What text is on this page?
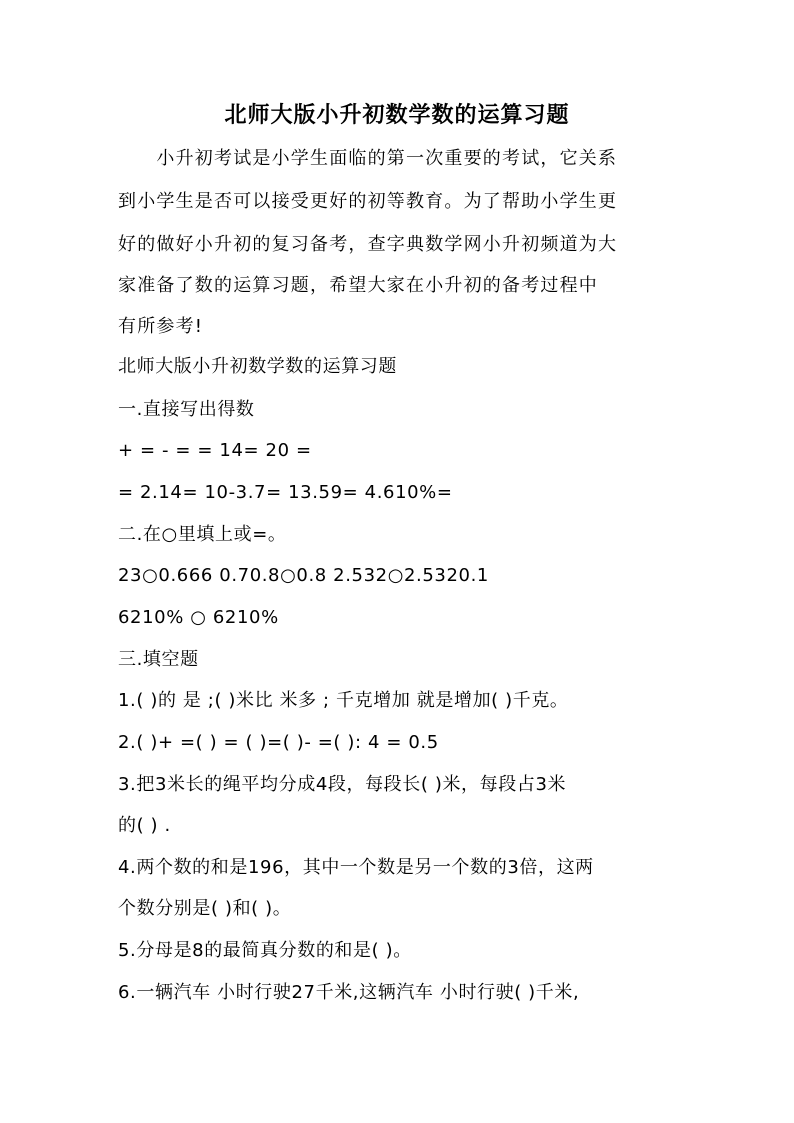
北师大版小升初数学数的运算习题
　　小升初考试是小学生面临的第一次重要的考试，它关系
到小学生是否可以接受更好的初等教育。为了帮助小学生更
好的做好小升初的复习备考，查字典数学网小升初频道为大
家准备了数的运算习题，希望大家在小升初的备考过程中
有所参考!
北师大版小升初数学数的运算习题
一.直接写出得数
+ = - = = 14= 20 =
= 2.14= 10-3.7= 13.59= 4.610%=
二.在○里填上或=。
23○0.666 0.70.8○0.8 2.532○2.5320.1
6210% ○ 6210%
三.填空题
1.( )的 是 ;( )米比 米多 ; 千克增加 就是增加( )千克。
2.( )+ =( ) = ( )=( )- =( ): 4 = 0.5
3.把3米长的绳平均分成4段，每段长( )米，每段占3米
的( ) .
4.两个数的和是196，其中一个数是另一个数的3倍，这两
个数分别是( )和( )。
5.分母是8的最简真分数的和是( )。
6.一辆汽车 小时行驶27千米,这辆汽车 小时行驶( )千米,
